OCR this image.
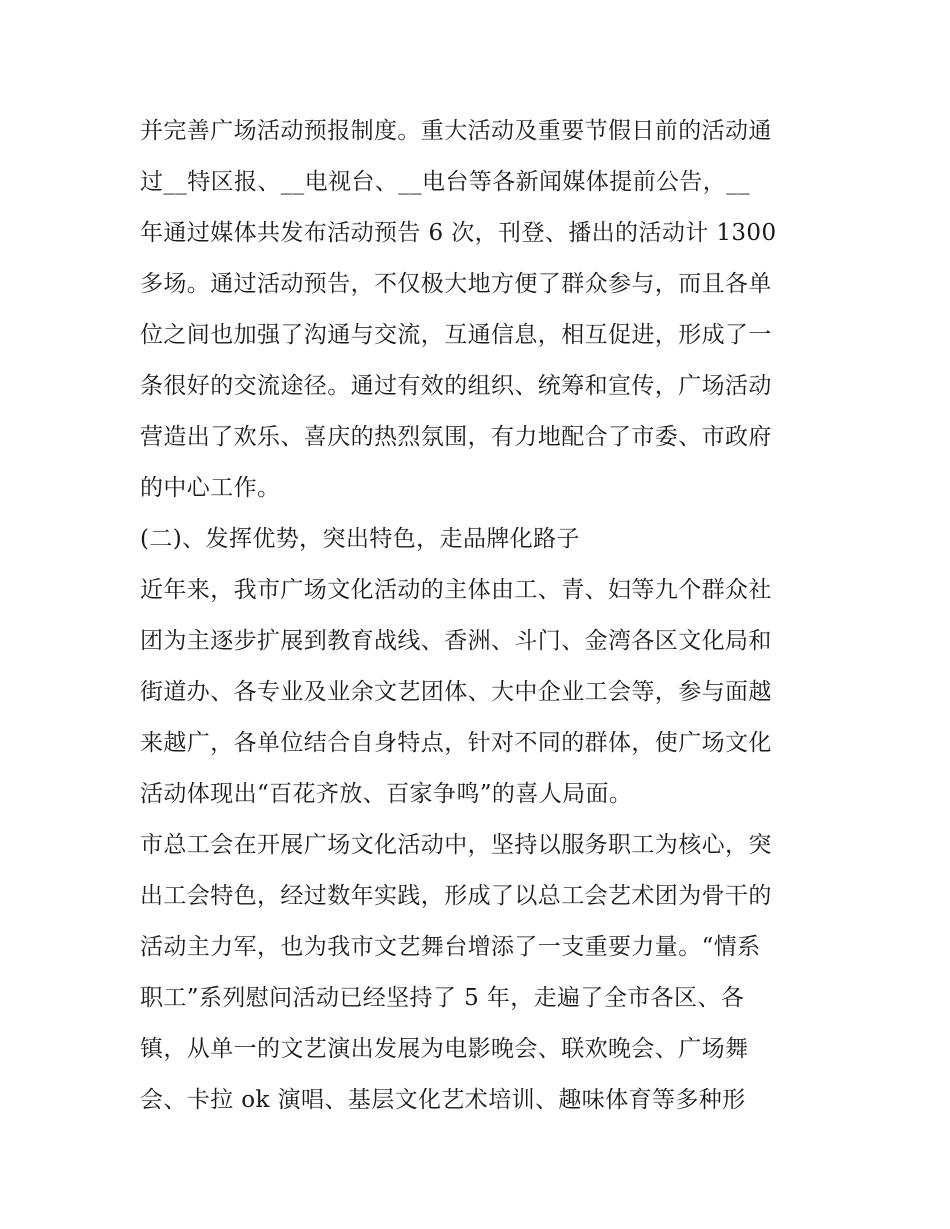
并完善广场活动预报制度。重大活动及重要节假日前的活动通
过__特区报、__电视台、__电台等各新闻媒体提前公告，__
年通过媒体共发布活动预告 6 次，刊登、播出的活动计 1300
多场。通过活动预告，不仅极大地方便了群众参与，而且各单
位之间也加强了沟通与交流，互通信息，相互促进，形成了一
条很好的交流途径。通过有效的组织、统筹和宣传，广场活动
营造出了欢乐、喜庆的热烈氛围，有力地配合了市委、市政府
的中心工作。
(二)、发挥优势，突出特色，走品牌化路子
近年来，我市广场文化活动的主体由工、青、妇等九个群众社
团为主逐步扩展到教育战线、香洲、斗门、金湾各区文化局和
街道办、各专业及业余文艺团体、大中企业工会等，参与面越
来越广，各单位结合自身特点，针对不同的群体，使广场文化
活动体现出“百花齐放、百家争鸣”的喜人局面。
市总工会在开展广场文化活动中，坚持以服务职工为核心，突
出工会特色，经过数年实践，形成了以总工会艺术团为骨干的
活动主力军，也为我市文艺舞台增添了一支重要力量。“情系
职工”系列慰问活动已经坚持了 5 年，走遍了全市各区、各
镇，从单一的文艺演出发展为电影晚会、联欢晚会、广场舞
会、卡拉 ok 演唱、基层文化艺术培训、趣味体育等多种形
